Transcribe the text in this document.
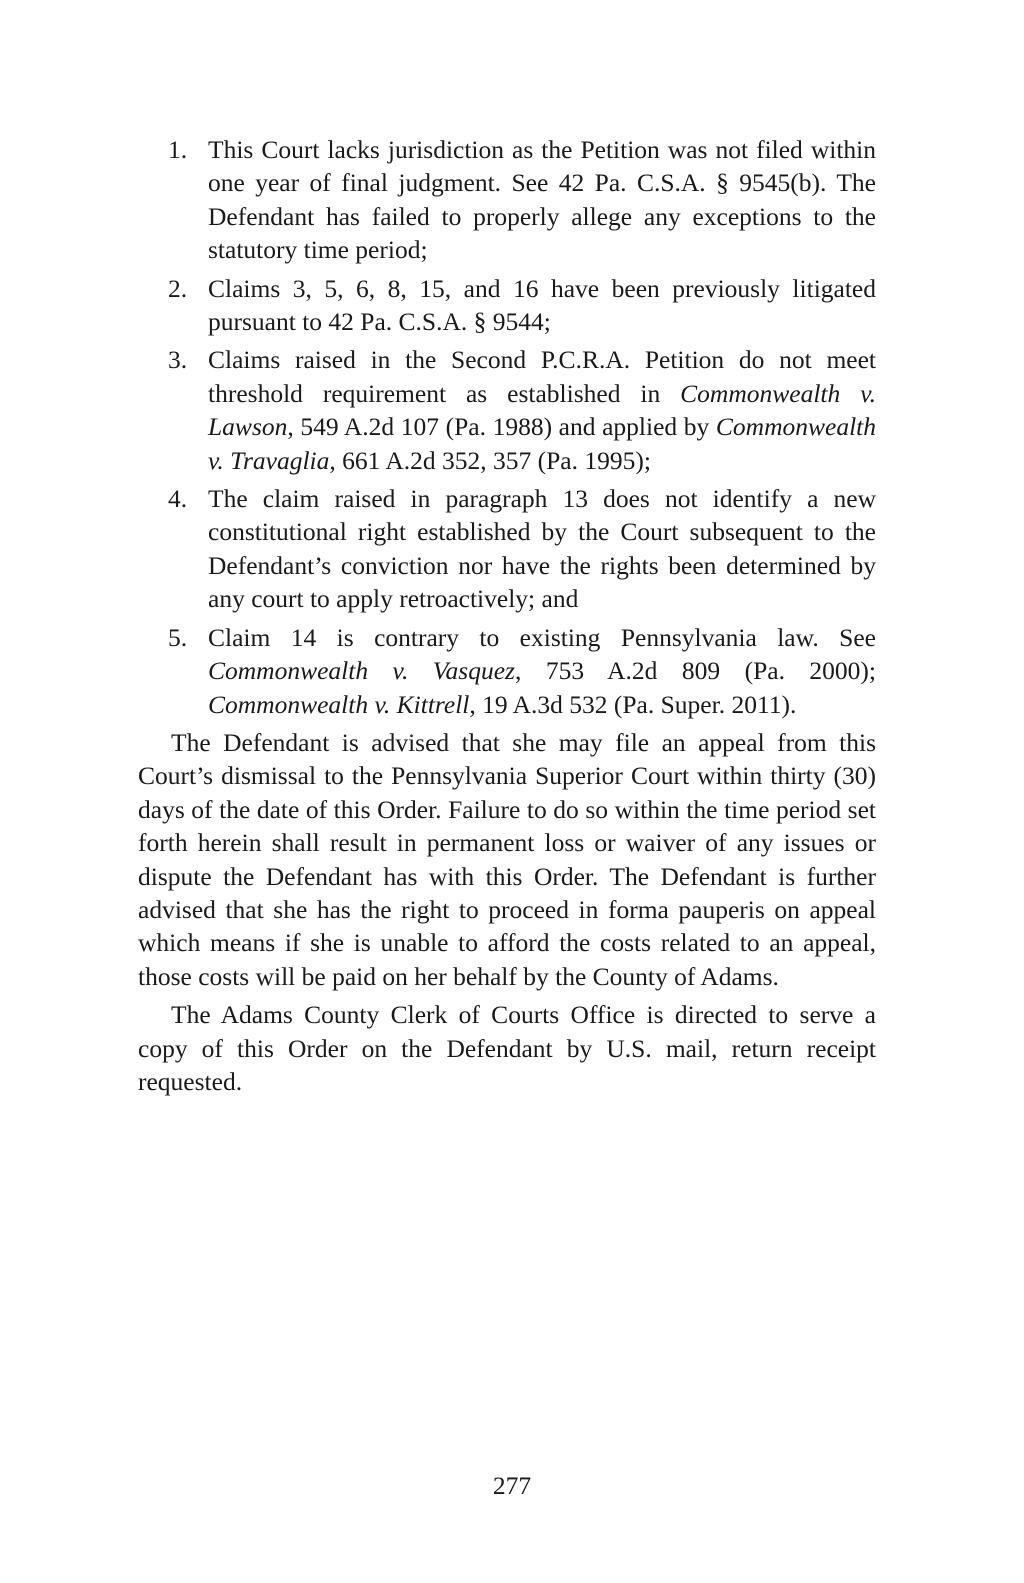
1. This Court lacks jurisdiction as the Petition was not filed within one year of final judgment. See 42 Pa. C.S.A. § 9545(b). The Defendant has failed to properly allege any exceptions to the statutory time period;
2. Claims 3, 5, 6, 8, 15, and 16 have been previously litigated pursuant to 42 Pa. C.S.A. § 9544;
3. Claims raised in the Second P.C.R.A. Petition do not meet threshold requirement as established in Commonwealth v. Lawson, 549 A.2d 107 (Pa. 1988) and applied by Commonwealth v. Travaglia, 661 A.2d 352, 357 (Pa. 1995);
4. The claim raised in paragraph 13 does not identify a new constitutional right established by the Court subsequent to the Defendant’s conviction nor have the rights been determined by any court to apply retroactively; and
5. Claim 14 is contrary to existing Pennsylvania law. See Commonwealth v. Vasquez, 753 A.2d 809 (Pa. 2000); Commonwealth v. Kittrell, 19 A.3d 532 (Pa. Super. 2011).

The Defendant is advised that she may file an appeal from this Court’s dismissal to the Pennsylvania Superior Court within thirty (30) days of the date of this Order. Failure to do so within the time period set forth herein shall result in permanent loss or waiver of any issues or dispute the Defendant has with this Order. The Defendant is further advised that she has the right to proceed in forma pauperis on appeal which means if she is unable to afford the costs related to an appeal, those costs will be paid on her behalf by the County of Adams.

The Adams County Clerk of Courts Office is directed to serve a copy of this Order on the Defendant by U.S. mail, return receipt requested.

277
